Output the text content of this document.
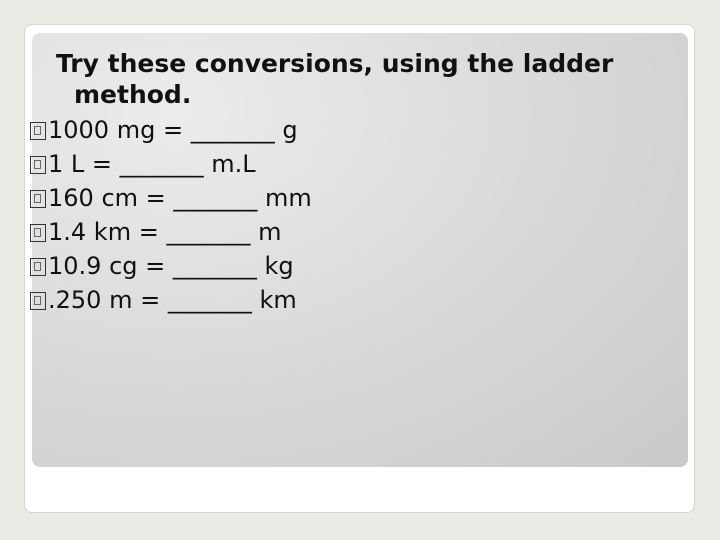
Try these conversions, using the ladder
method.
1000 mg = _______ g
1 L = _______ m.L
160 cm = _______ mm
1.4 km = _______ m
10.9 cg = _______ kg
.250 m = _______ km
